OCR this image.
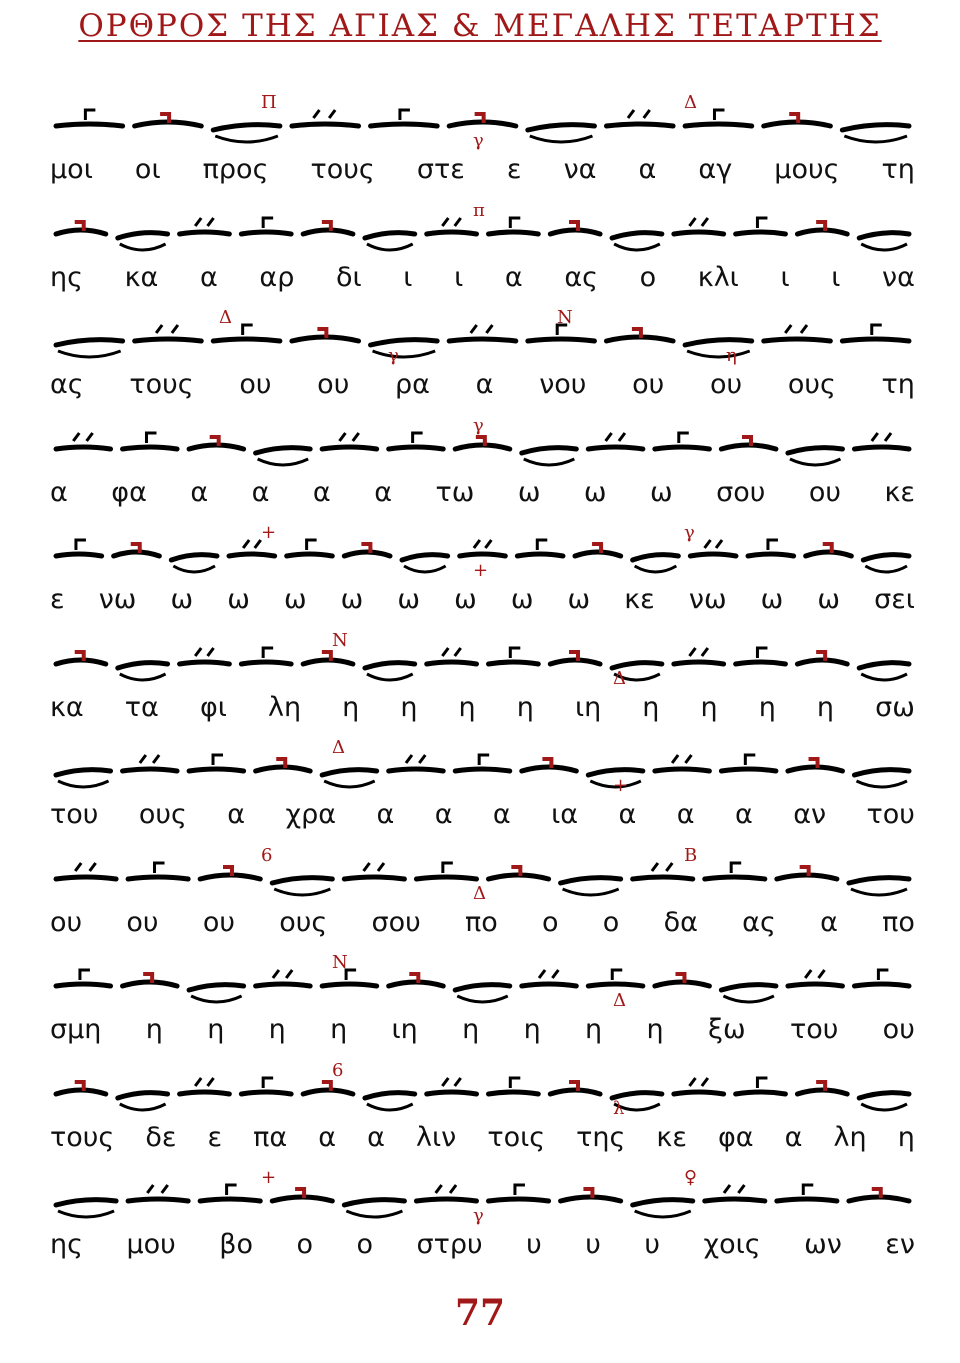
ΟΡΘΡΟΣ ΤΗΣ ΑΓΙΑΣ & ΜΕΓΑΛΗΣ ΤΕΤΑΡΤΗΣ
Π
γ
Δ
μοι οι προς τους στε ε να α αγ μους τη
π
ης κα α αρ δι ι ι α ας ο κλι ι ι να
Δ
γ
Ν
η
ας τους ου ου ρα α νου ου ου ους τη
γ
α φα α α α α τω ω ω ω σου ου κε
+
+
γ
ε νω ω ω ω ω ω ω ω ω κε νω ω ω σει
Ν
Δ
κα τα φι λη η η η η ιη η η η η σω
Δ
+
του ους α χρα α α α ια α α α αν του
6
Δ
Β
ου ου ου ους σου πο ο ο δα ας α πο
Ν
Δ
σμη η η η η ιη η η η η ξω του ου
6
λ
τους δε ε πα α α λιν τοις της κε φα α λη η
+
γ
♀
ης μου βο ο ο στρυ υ υ υ χοις ων εν
77
